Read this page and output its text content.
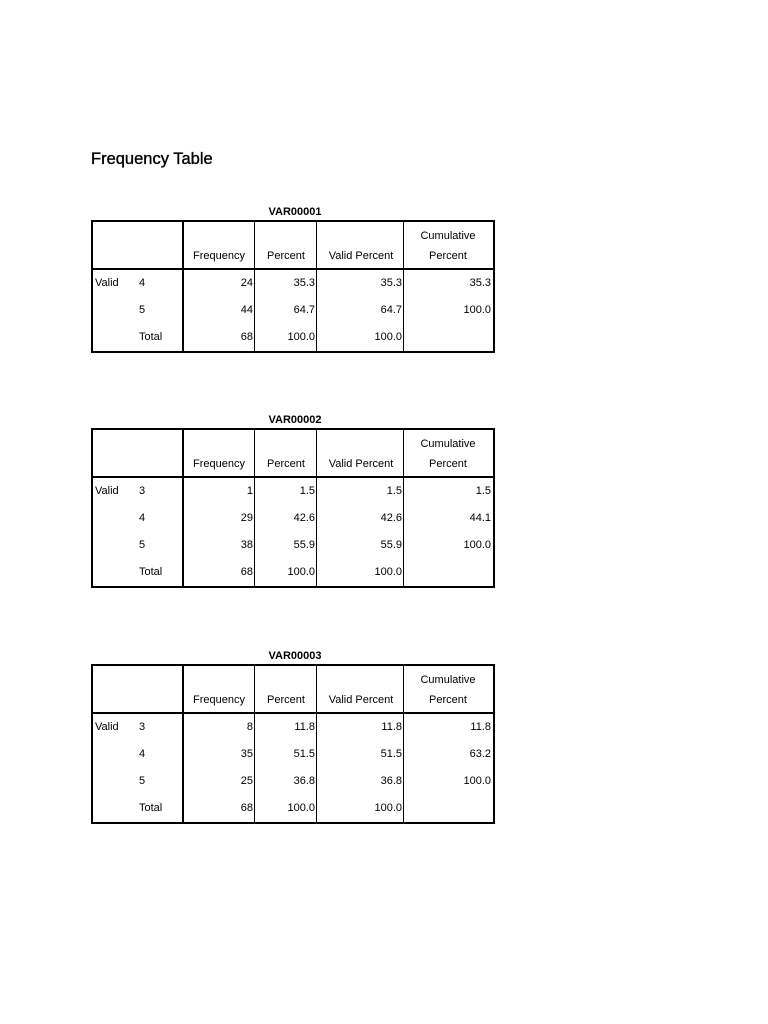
Frequency Table
VAR00001
Frequency	Percent	Valid Percent
Cumulative
Percent
Valid 4	24	35.3	35.3	35.3
5	44	64.7	64.7	100.0
Total	68	100.0	100.0
VAR00002
Frequency	Percent	Valid Percent
Cumulative
Percent
Valid 3	1	1.5	1.5	1.5
4	29	42.6	42.6	44.1
5	38	55.9	55.9	100.0
Total	68	100.0	100.0
VAR00003
Frequency	Percent	Valid Percent
Cumulative
Percent
Valid 3	8	11.8	11.8	11.8
4	35	51.5	51.5	63.2
5	25	36.8	36.8	100.0
Total	68	100.0	100.0
